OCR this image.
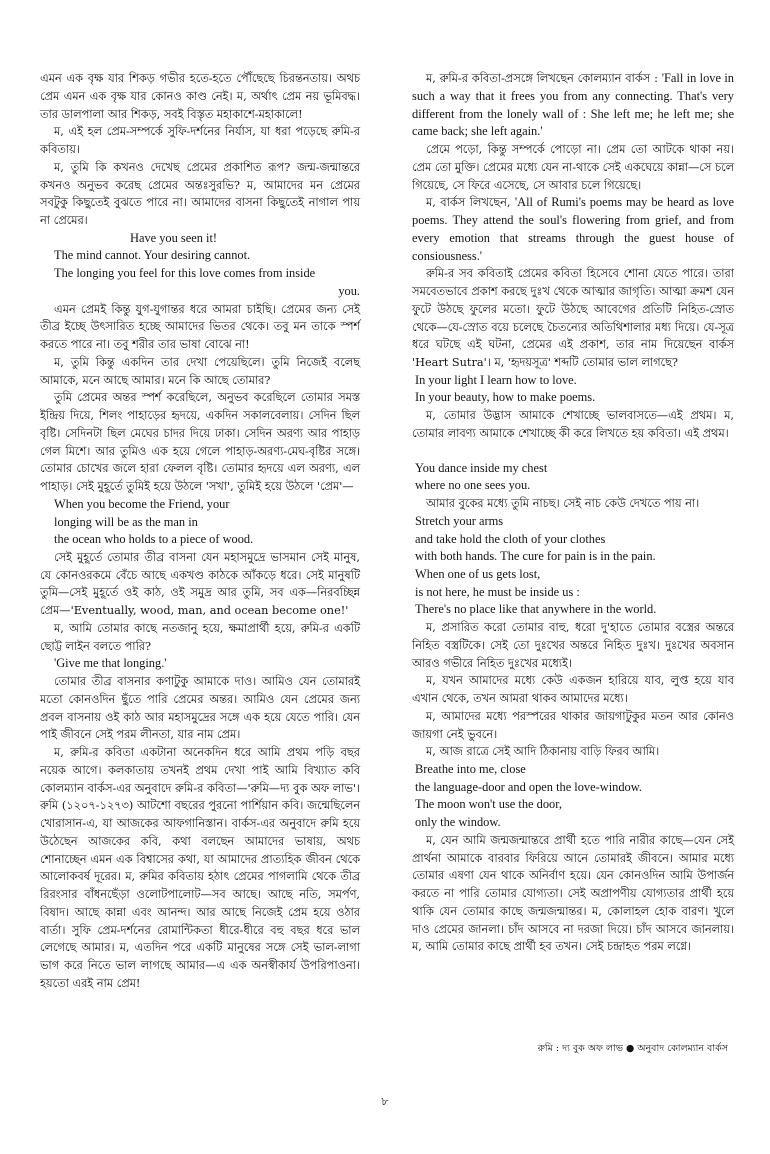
এমন এক বৃক্ষ যার শিকড় গভীর হতে-হতে পৌঁছেছে চিরন্তনতায়। অথচ প্রেম এমন এক বৃক্ষ যার কোনও কাণ্ড নেই। ম, অর্থাৎ প্রেম নয় ভূমিবদ্ধ। তার ডালপালা আর শিকড়, সবই বিস্তৃত মহাকাশে-মহাকালে!

ম, এই হল প্রেম-সম্পর্কে সুফি-দর্শনের নির্যাস, যা ধরা পড়েছে রুমি-র কবিতায়।

ম, তুমি কি কখনও দেখেছ প্রেমের প্রকাশিত রূপ? জন্ম-জন্মান্তরে কখনও অনুভব করেছ প্রেমের অন্তঃসুরভি? ম, আমাদের মন প্রেমের সবটুকু কিছুতেই বুঝতে পারে না। আমাদের বাসনা কিছুতেই নাগাল পায় না প্রেমের।

Have you seen it!
The mind cannot. Your desiring cannot.
The longing you feel for this love comes from inside
you.

এমন প্রেমই কিন্তু যুগ-যুগান্তর ধরে আমরা চাইছি। প্রেমের জন্য সেই তীব্র ইচ্ছে উৎসারিত হচ্ছে আমাদের ভিতর থেকে। তবু মন তাকে স্পর্শ করতে পারে না। তবু শরীর তার ভাষা বোঝে না!

ম, তুমি কিন্তু একদিন তার দেখা পেয়েছিলে। তুমি নিজেই বলেছ আমাকে, মনে আছে আমার। মনে কি আছে তোমার?

তুমি প্রেমের অন্তর স্পর্শ করেছিলে, অনুভব করেছিলে তোমার সমস্ত ইন্দ্রিয় দিয়ে, শিলং পাহাড়ের হৃদয়ে, একদিন সকালবেলায়। সেদিন ছিল বৃষ্টি। সেদিনটা ছিল মেঘের চাদর দিয়ে ঢাকা। সেদিন অরণ্য আর পাহাড় গেল মিশে। আর তুমিও এক হয়ে গেলে পাহাড়-অরণ্য-মেঘ-বৃষ্টির সঙ্গে। তোমার চোখের জলে হারা ফেলল বৃষ্টি। তোমার হৃদয়ে এল অরণ্য, এল পাহাড়। সেই মুহূর্তে তুমিই হয়ে উঠলে 'সখা', তুমিই হয়ে উঠলে 'প্রেম'—

When you become the Friend, your
longing will be as the man in
the ocean who holds to a piece of wood.

সেই মুহূর্তে তোমার তীব্র বাসনা যেন মহাসমুদ্রে ভাসমান সেই মানুষ, যে কোনওরকমে বেঁচে আছে একখণ্ড কাঠকে আঁকড়ে ধরে। সেই মানুষটি তুমি—সেই মুহূর্তে ওই কাঠ, ওই সমুদ্র আর তুমি, সব এক—নিরবচ্ছিন্ন প্রেম—'Eventually, wood, man, and ocean become one!'

ম, আমি তোমার কাছে নতজানু হয়ে, ক্ষমাপ্রার্থী হয়ে, রুমি-র একটি ছোট্ট লাইন বলতে পারি?

'Give me that longing.'

তোমার তীব্র বাসনার কণাটুকু আমাকে দাও। আমিও যেন তোমারই মতো কোনওদিন ছুঁতে পারি প্রেমের অন্তর। আমিও যেন প্রেমের জন্য প্রবল বাসনায় ওই কাঠ আর মহাসমুদ্রের সঙ্গে এক হয়ে যেতে পারি। যেন পাই জীবনে সেই পরম লীনতা, যার নাম প্রেম।

ম, রুমি-র কবিতা একটানা অনেকদিন ধরে আমি প্রথম পড়ি বছর নয়েক আগে। কলকাতায় তখনই প্রথম দেখা পাই আমি বিখ্যাত কবি কোলম্যান বার্কস-এর অনুবাদে রুমি-র কবিতা—'রুমি—দ্য বুক অফ লাভ'। রুমি (১২০৭-১২৭৩) আটশো বছরের পুরনো পার্শিয়ান কবি। জন্মেছিলেন খোরাসান-এ, যা আজকের আফগানিস্তান। বার্কস-এর অনুবাদে রুমি হয়ে উঠেছেন আজকের কবি, কথা বলছেন আমাদের ভাষায়, অথচ শোনাচ্ছেন এমন এক বিশ্বাসের কথা, যা আমাদের প্রাত্যহিক জীবন থেকে আলোকবর্ষ দূরের। ম, রুমির কবিতায় হঠাৎ প্রেমের পাগলামি থেকে তীব্র রিরংসার বাঁধনছেঁড়া ওলোটপালোট—সব আছে। আছে নতি, সমর্পণ, বিষাদ। আছে কান্না এবং আনন্দ। আর আছে নিজেই প্রেম হয়ে ওঠার বার্তা। সুফি প্রেম-দর্শনের রোমান্টিকতা ধীরে-ধীরে বহু বছর ধরে ভাল লেগেছে আমার। ম, এতদিন পরে একটি মানুষের সঙ্গে সেই ভাল-লাগা ভাগ করে নিতে ভাল লাগছে আমার—এ এক অনস্বীকার্য উপরিপাওনা। হয়তো এরই নাম প্রেম!

ম, রুমি-র কবিতা-প্রসঙ্গে লিখছেন কোলম্যান বার্কস : 'Fall in love in such a way that it frees you from any connecting. That's very different from the lonely wall of : She left me; he left me; she came back; she left again.'

প্রেমে পড়ো, কিন্তু সম্পর্কে পোড়ো না। প্রেম তো আটকে থাকা নয়। প্রেম তো মুক্তি। প্রেমের মধ্যে যেন না-থাকে সেই একঘেয়ে কান্না—সে চলে গিয়েছে, সে ফিরে এসেছে, সে আবার চলে গিয়েছে।

ম, বার্কস লিখছেন, 'All of Rumi's poems may be heard as love poems. They attend the soul's flowering from grief, and from every emotion that streams through the guest house of consiousness.'

রুমি-র সব কবিতাই প্রেমের কবিতা হিসেবে শোনা যেতে পারে। তারা সমবেতভাবে প্রকাশ করছে দুঃখ থেকে আত্মার জাগৃতি। আত্মা ক্রমশ যেন ফুটে উঠছে ফুলের মতো। ফুটে উঠছে আবেগের প্রতিটি নিহিত-স্রোত থেকে—যে-স্রোত বয়ে চলেছে চৈতন্যের অতিথিশালার মধ্য দিয়ে। যে-সূত্র ধরে ঘটছে এই ঘটনা, প্রেমের এই প্রকাশ, তার নাম দিয়েছেন বার্কস 'Heart Sutra'। ম, 'হৃদয়সূত্র' শব্দটি তোমার ভাল লাগছে?

In your light I learn how to love.
In your beauty, how to make poems.

ম, তোমার উদ্ভাস আমাকে শেখাচ্ছে ভালবাসতে—এই প্রথম। ম, তোমার লাবণ্য আমাকে শেখাচ্ছে কী করে লিখতে হয় কবিতা। এই প্রথম।

You dance inside my chest
where no one sees you.

আমার বুকের মধ্যে তুমি নাচছ। সেই নাচ কেউ দেখতে পায় না।

Stretch your arms
and take hold the cloth of your clothes
with both hands. The cure for pain is in the pain.
When one of us gets lost,
is not here, he must be inside us :
There's no place like that anywhere in the world.

ম, প্রসারিত করো তোমার বাহু, ধরো দু'হাতে তোমার বস্ত্রের অন্তরে নিহিত বস্ত্রটিকে। সেই তো দুঃখের অন্তরে নিহিত দুঃখ। দুঃখের অবসান আরও গভীরে নিহিত দুঃখের মধ্যেই।

ম, যখন আমাদের মধ্যে কেউ একজন হারিয়ে যাব, লুপ্ত হয়ে যাব এখান থেকে, তখন আমরা থাকব আমাদের মধ্যে।

ম, আমাদের মধ্যে পরস্পরের থাকার জায়গাটুকুর মতন আর কোনও জায়গা নেই ভুবনে।

ম, আজ রাত্রে সেই আদি ঠিকানায় বাড়ি ফিরব আমি।

Breathe into me, close
the language-door and open the love-window.
The moon won't use the door,
only the window.

ম, যেন আমি জন্মজন্মান্তরে প্রার্থী হতে পারি নারীর কাছে—যেন সেই প্রার্থনা আমাকে বারবার ফিরিয়ে আনে তোমারই জীবনে। আমার মধ্যে তোমার এষণা যেন থাকে অনির্বাণ হয়ে। যেন কোনওদিন আমি উপার্জন করতে না পারি তোমার যোগ্যতা। সেই অপ্রাপণীয় যোগ্যতার প্রার্থী হয়ে থাকি যেন তোমার কাছে জন্মজন্মান্তর। ম, কোলাহল হোক বারণ। খুলে দাও প্রেমের জানলা। চাঁদ আসবে না দরজা দিয়ে। চাঁদ আসবে জানলায়। ম, আমি তোমার কাছে প্রার্থী হব তখন। সেই চন্দ্রাহত পরম লগ্নে।

রুমি : দ্য বুক অফ লাভ ● অনুবাদ কোলম্যান বার্কস
৮
